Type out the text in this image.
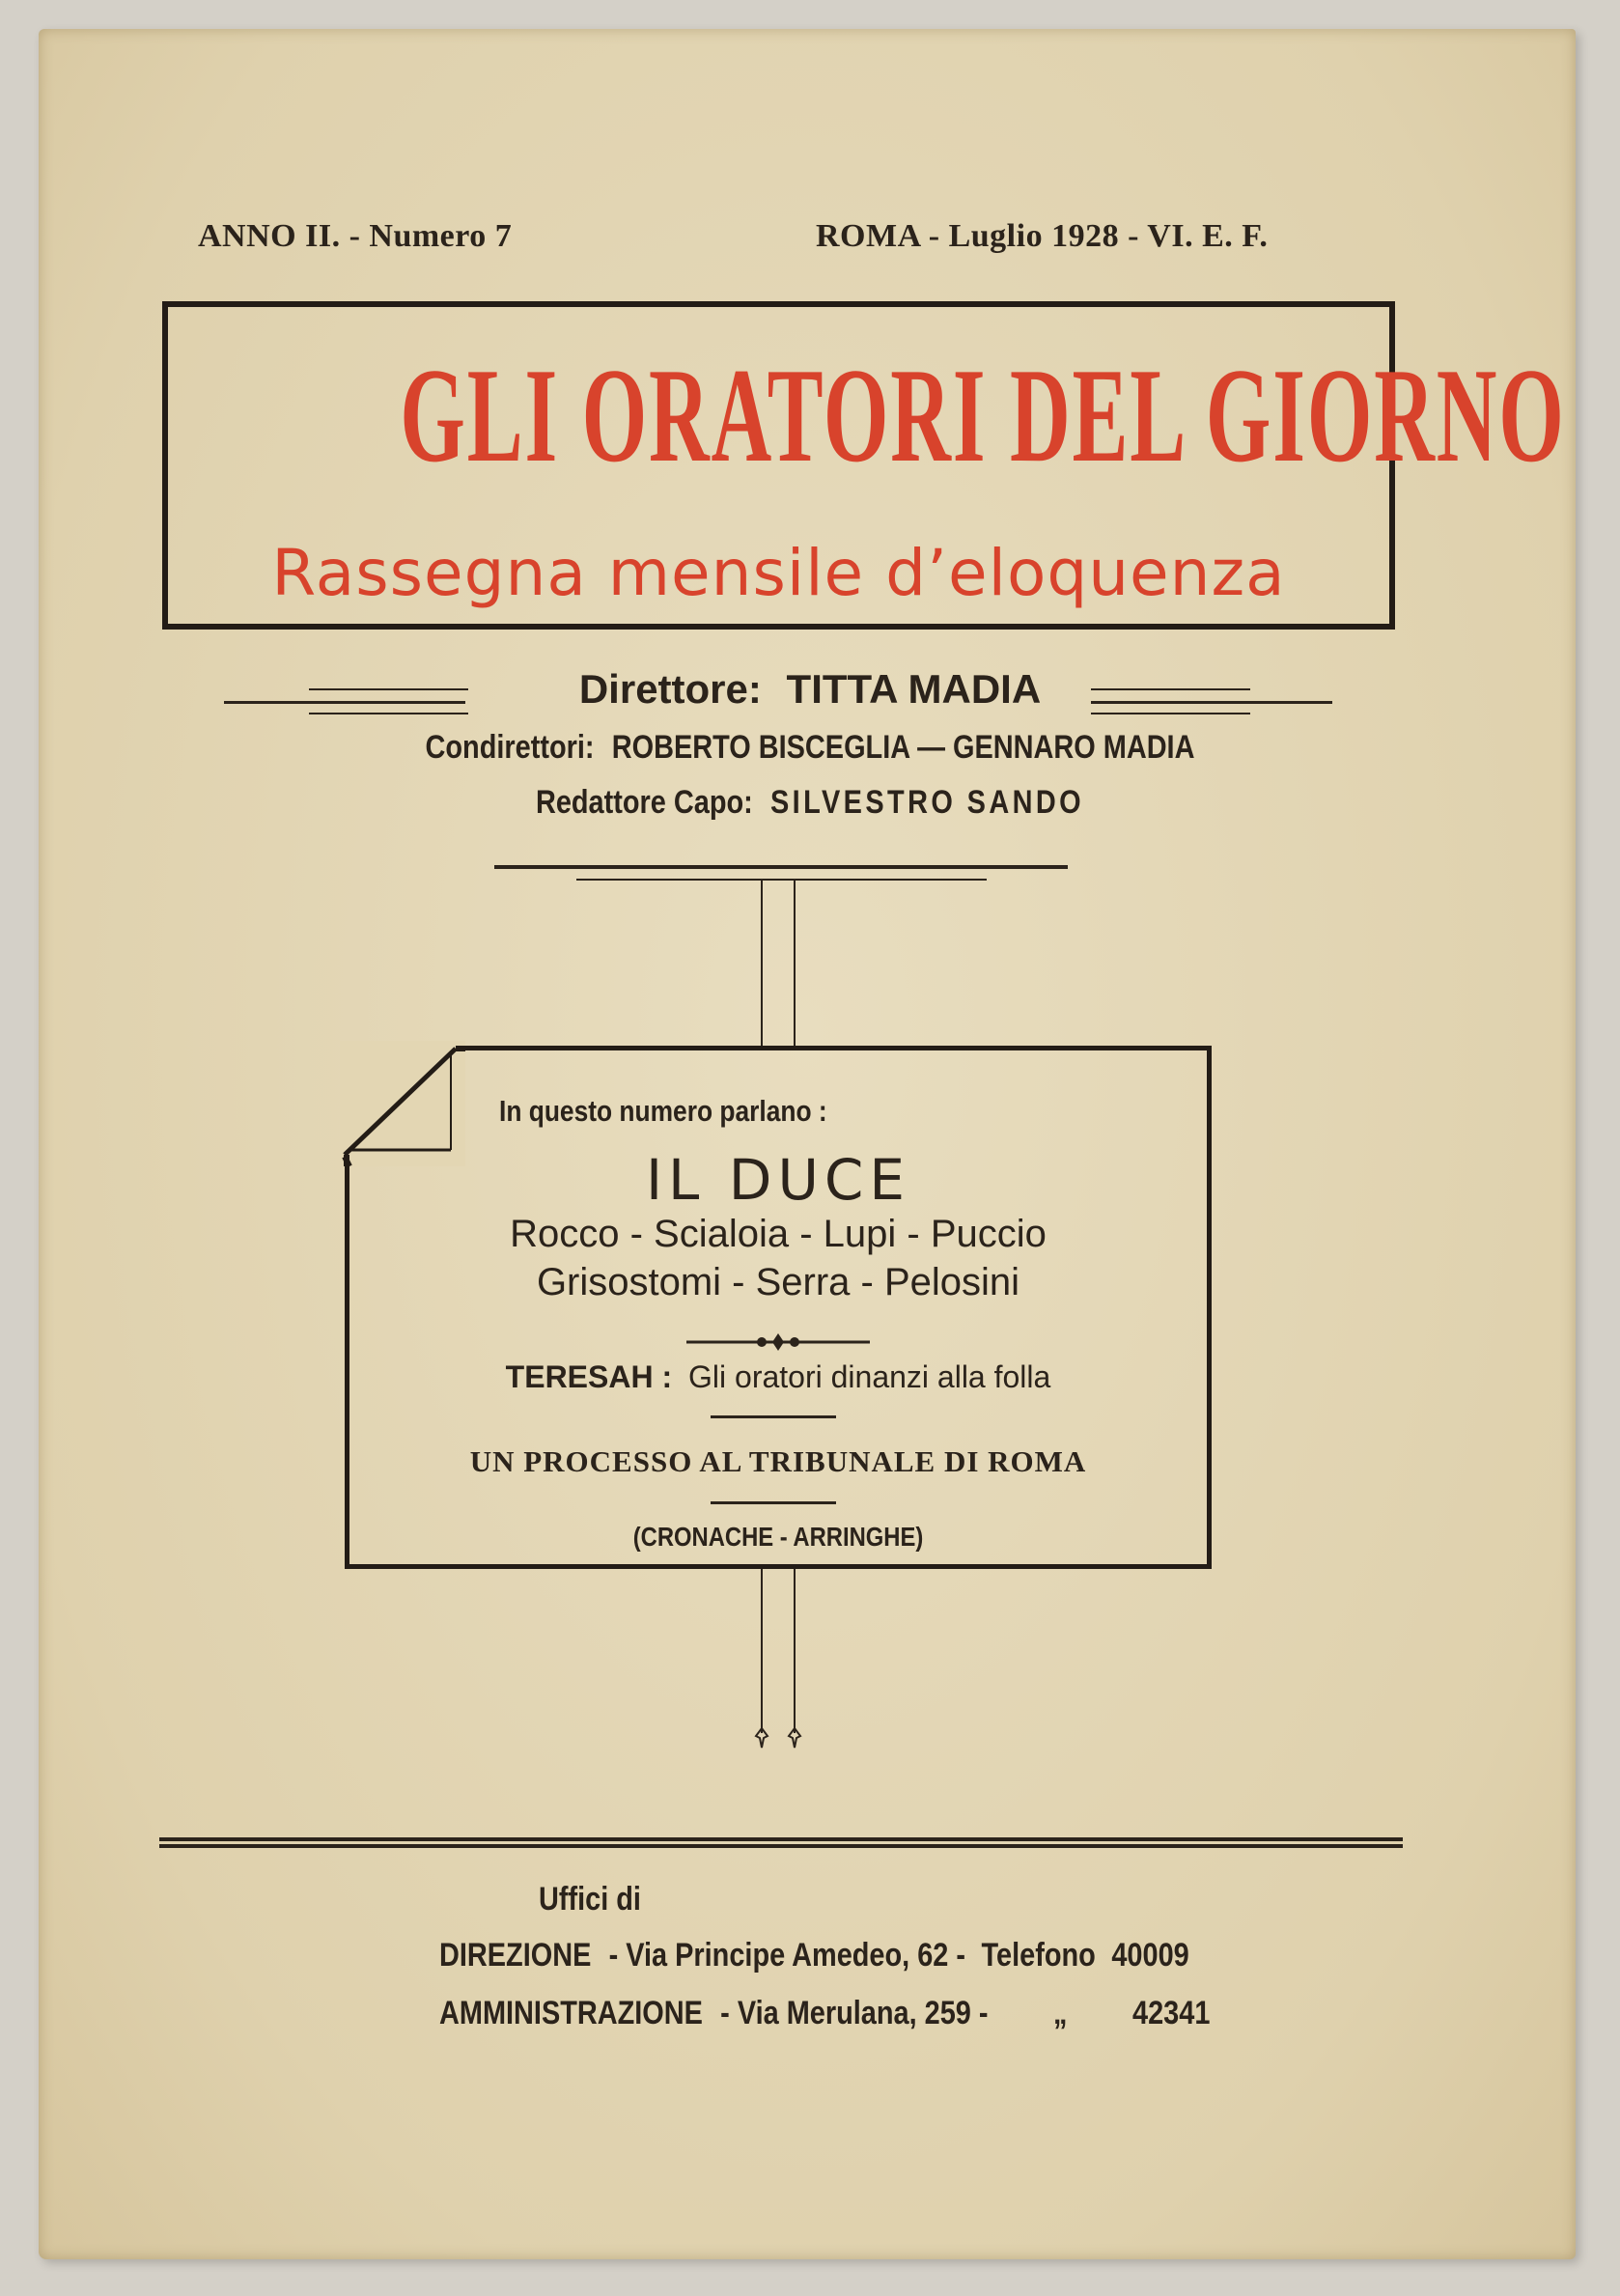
ANNO II. - Numero 7	ROMA - Luglio 1928 - VI. E. F.
GLI ORATORI DEL GIORNO
Rassegna mensile d’eloquenza
Direttore: TITTA MADIA
Condirettori: ROBERTO BISCEGLIA — GENNARO MADIA
Redattore Capo: SILVESTRO SANDO
In questo numero parlano :
IL DUCE
Rocco - Scialoia - Lupi - Puccio
Grisostomi - Serra - Pelosini
TERESAH : Gli oratori dinanzi alla folla
UN PROCESSO AL TRIBUNALE DI ROMA
(CRONACHE - ARRINGHE)
Uffici di
DIREZIONE - Via Principe Amedeo, 62 - Telefono 40009
AMMINISTRAZIONE - Via Merulana, 259 - „ 42341
